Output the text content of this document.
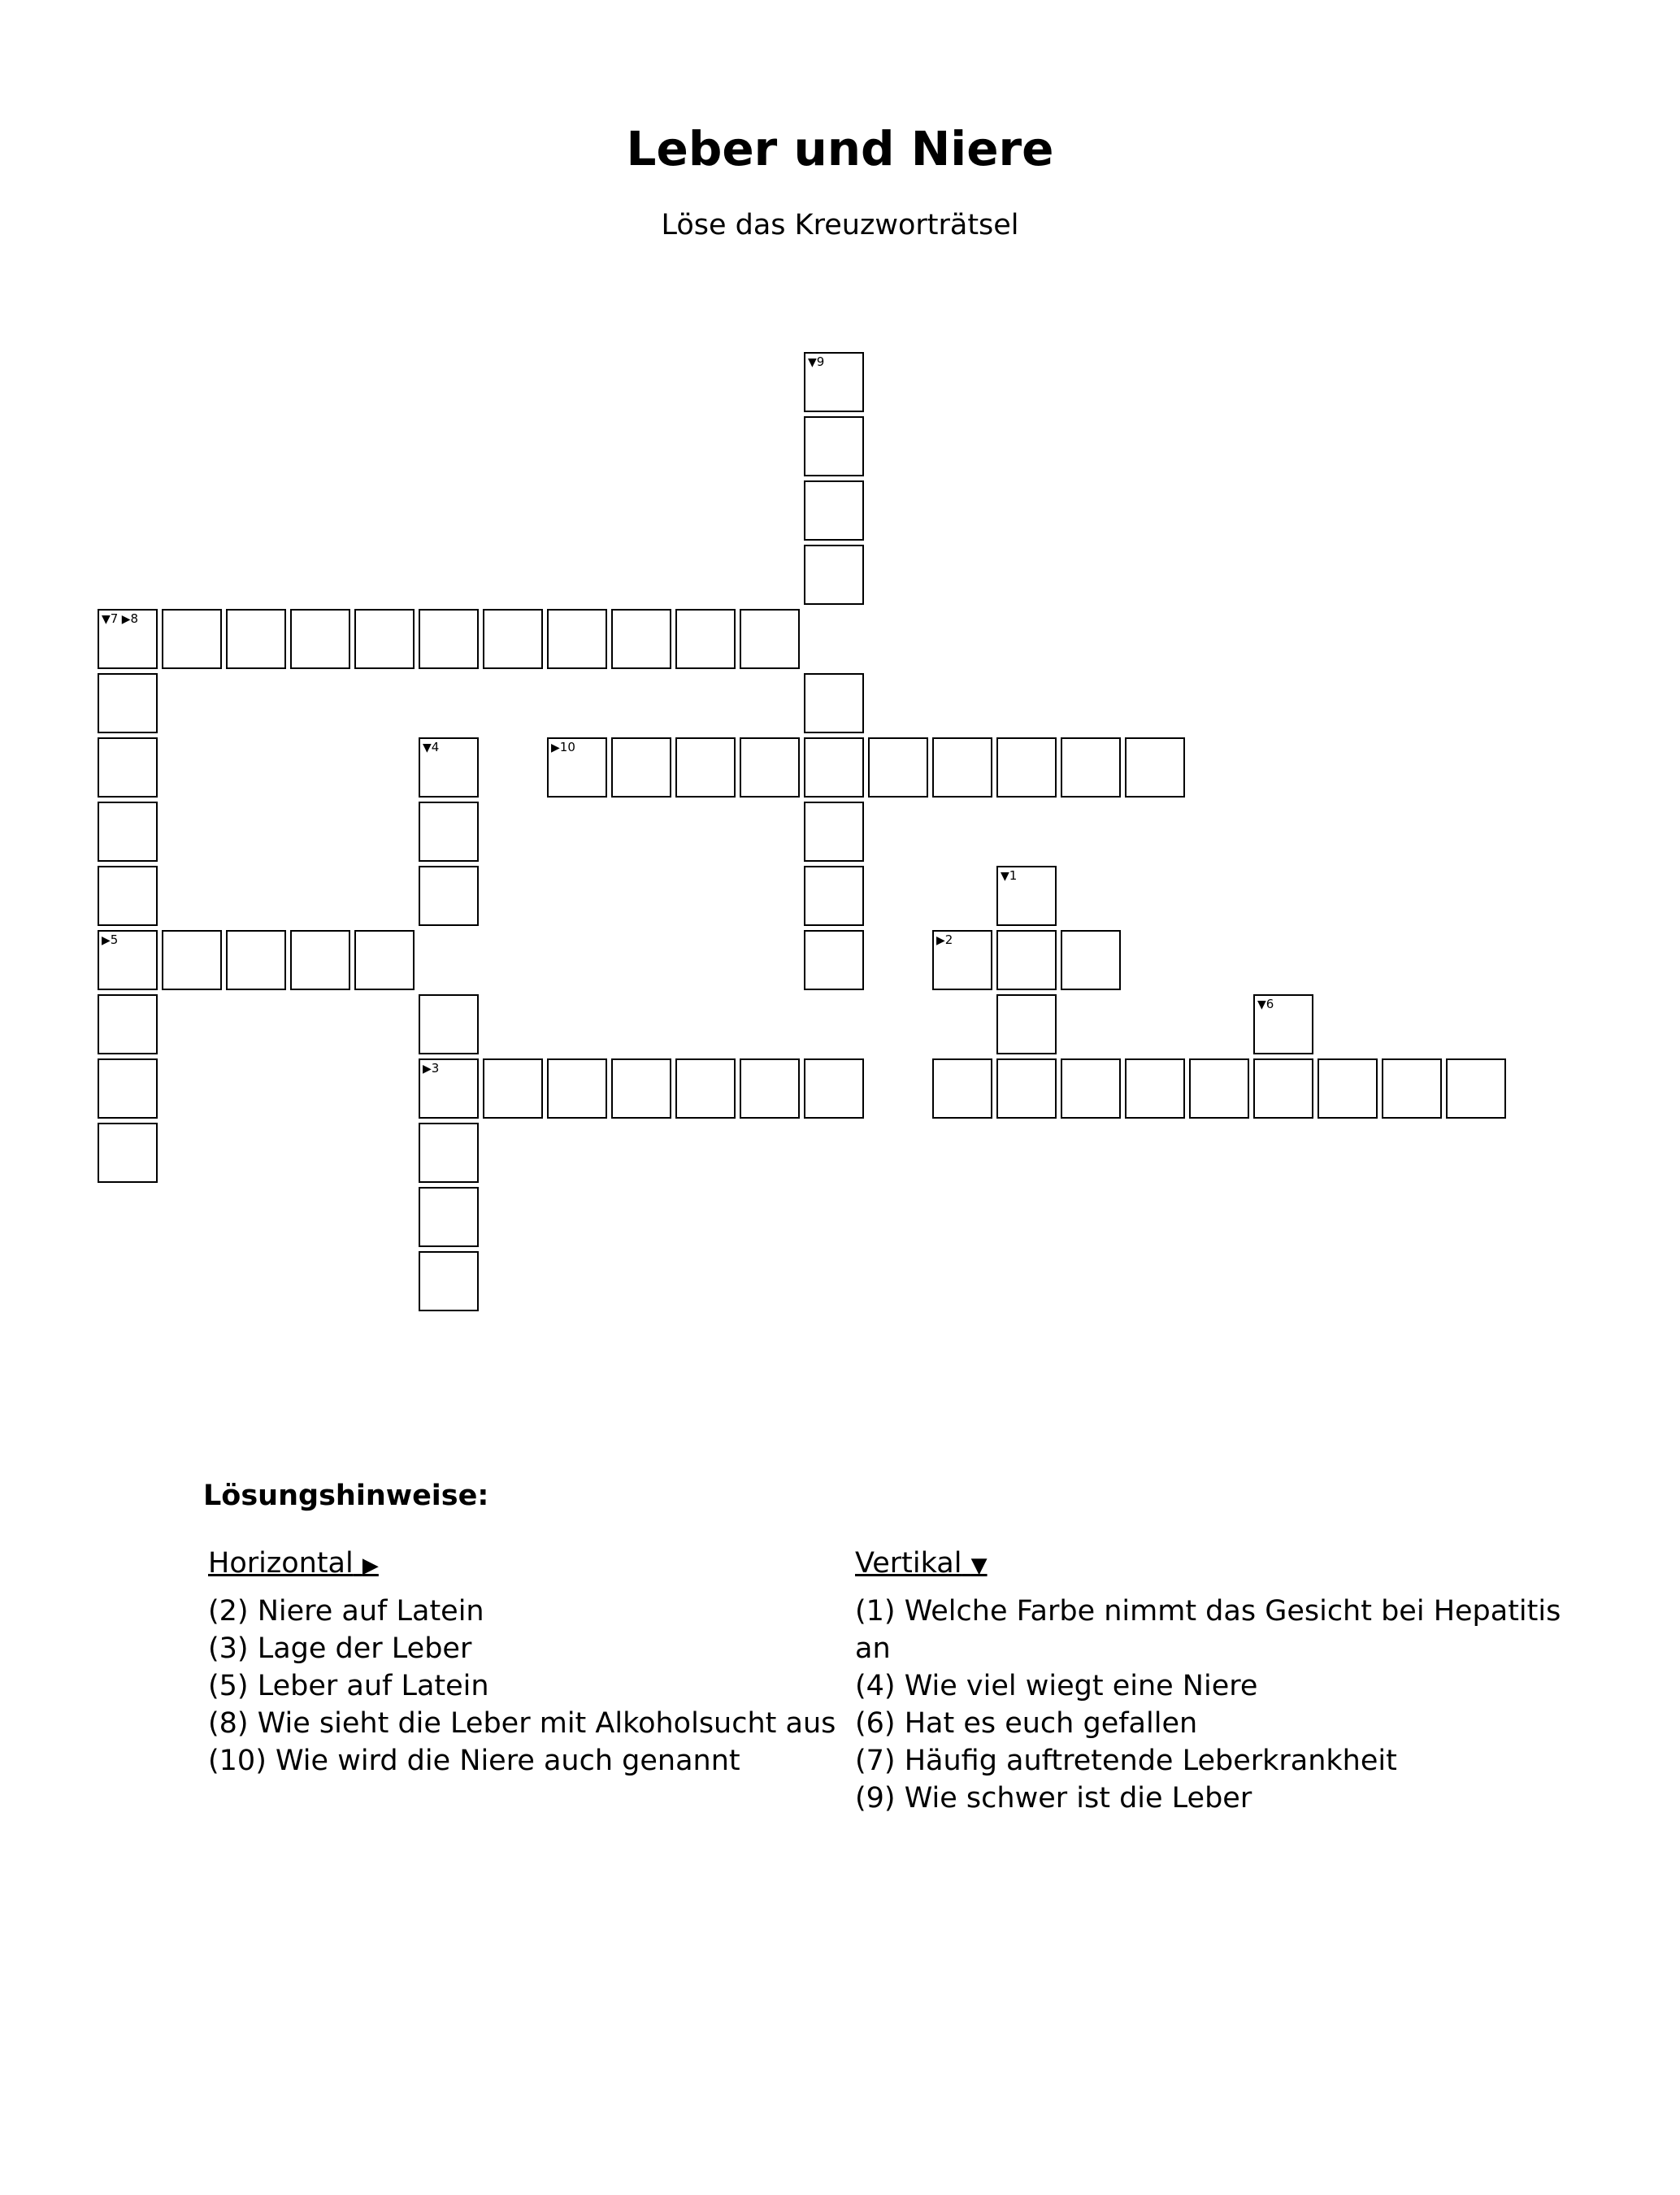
Leber und Niere
Löse das Kreuzworträtsel
▼9
▼7 ▶8
▶5
▼4	▶10
▶3
▼1
▶2
▼6
Lösungshinweise:
Horizontal ▶
(2) Niere auf Latein
(3) Lage der Leber
(5) Leber auf Latein
(8) Wie sieht die Leber mit Alkoholsucht aus
(10) Wie wird die Niere auch genannt
Vertikal ▼
(1) Welche Farbe nimmt das Gesicht bei Hepatitis an
(4) Wie viel wiegt eine Niere
(6) Hat es euch gefallen
(7) Häufig auftretende Leberkrankheit
(9) Wie schwer ist die Leber
